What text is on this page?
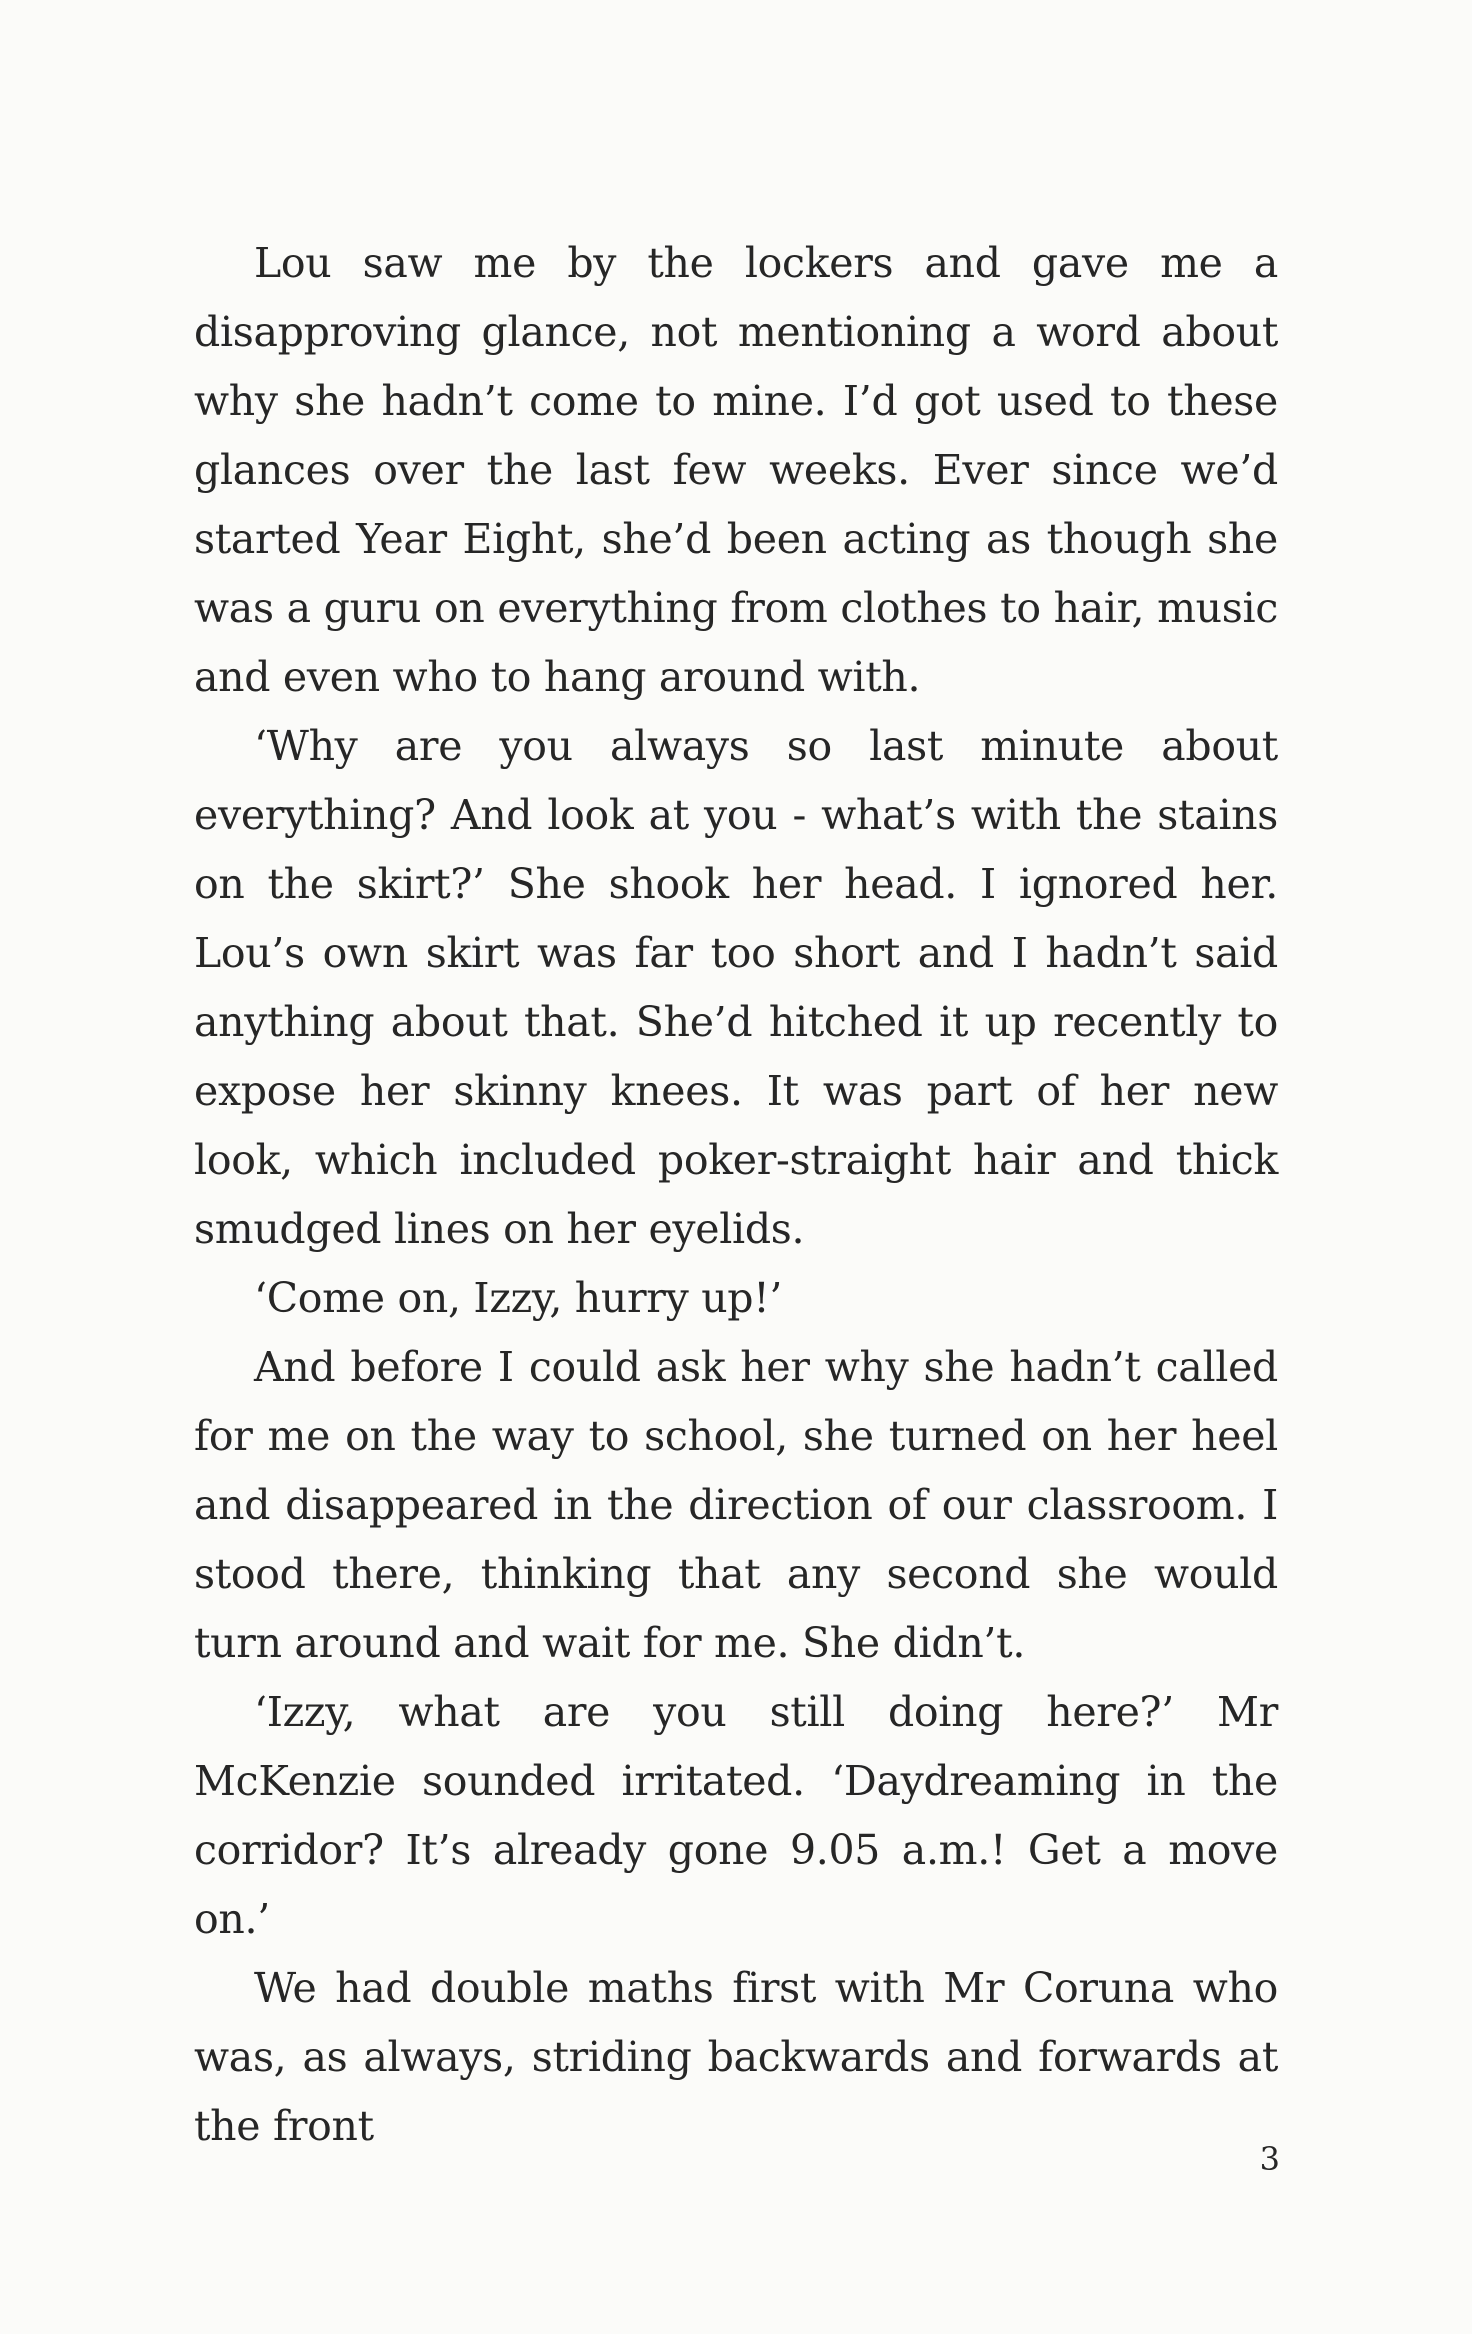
Lou saw me by the lockers and gave me a disapproving glance, not mentioning a word about why she hadn’t come to mine. I’d got used to these glances over the last few weeks. Ever since we’d started Year Eight, she’d been acting as though she was a guru on everything from clothes to hair, music and even who to hang around with.

‘Why are you always so last minute about everything? And look at you - what’s with the stains on the skirt?’ She shook her head. I ignored her. Lou’s own skirt was far too short and I hadn’t said anything about that. She’d hitched it up recently to expose her skinny knees. It was part of her new look, which included poker-straight hair and thick smudged lines on her eyelids.

‘Come on, Izzy, hurry up!’

And before I could ask her why she hadn’t called for me on the way to school, she turned on her heel and disappeared in the direction of our classroom. I stood there, thinking that any second she would turn around and wait for me. She didn’t.

‘Izzy, what are you still doing here?’ Mr McKenzie sounded irritated. ‘Daydreaming in the corridor? It’s already gone 9.05 a.m.! Get a move on.’

We had double maths first with Mr Coruna who was, as always, striding backwards and forwards at the front

3
